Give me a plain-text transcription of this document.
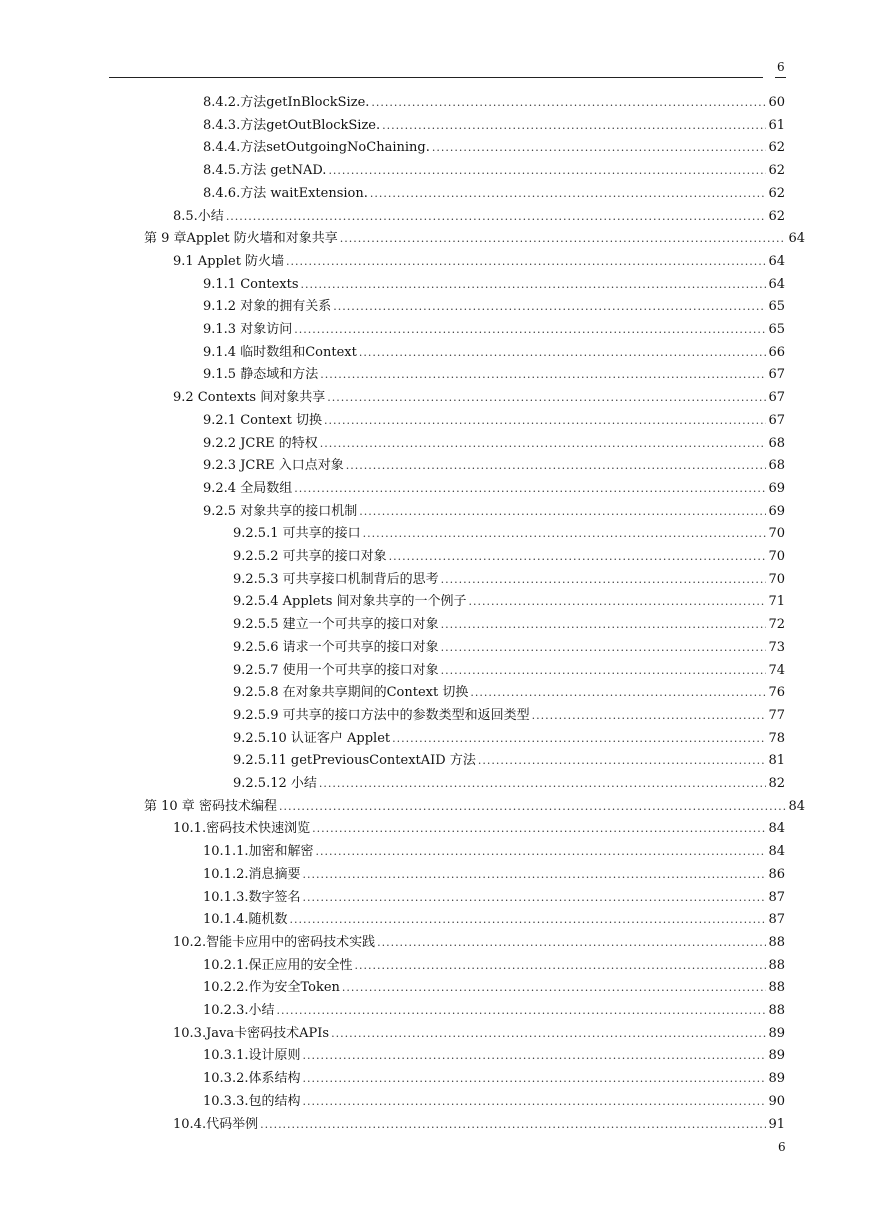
6
8.4.2.方法getInBlockSize. .....	60
8.4.3.方法getOutBlockSize. .....	61
8.4.4.方法setOutgoingNoChaining. .....	62
8.4.5.方法 getNAD. .....	62
8.4.6.方法 waitExtension. .....	62
8.5.小结 .....	62
第 9 章Applet 防火墙和对象共享 .....	64
9.1 Applet 防火墙 .....	64
9.1.1 Contexts .....	64
9.1.2 对象的拥有关系 .....	65
9.1.3 对象访问 .....	65
9.1.4 临时数组和Context .....	66
9.1.5 静态域和方法 .....	67
9.2 Contexts 间对象共享 .....	67
9.2.1 Context 切换 .....	67
9.2.2 JCRE 的特权 .....	68
9.2.3 JCRE 入口点对象 .....	68
9.2.4 全局数组 .....	69
9.2.5 对象共享的接口机制 .....	69
9.2.5.1 可共享的接口 .....	70
9.2.5.2 可共享的接口对象 .....	70
9.2.5.3 可共享接口机制背后的思考 .....	70
9.2.5.4 Applets 间对象共享的一个例子 .....	71
9.2.5.5 建立一个可共享的接口对象 .....	72
9.2.5.6 请求一个可共享的接口对象 .....	73
9.2.5.7 使用一个可共享的接口对象 .....	74
9.2.5.8 在对象共享期间的Context 切换 .....	76
9.2.5.9 可共享的接口方法中的参数类型和返回类型 .....	77
9.2.5.10 认证客户 Applet .....	78
9.2.5.11 getPreviousContextAID 方法 .....	81
9.2.5.12 小结 .....	82
第 10 章 密码技术编程 .....	84
10.1.密码技术快速浏览 .....	84
10.1.1.加密和解密 .....	84
10.1.2.消息摘要 .....	86
10.1.3.数字签名 .....	87
10.1.4.随机数 .....	87
10.2.智能卡应用中的密码技术实践 .....	88
10.2.1.保正应用的安全性 .....	88
10.2.2.作为安全Token .....	88
10.2.3.小结 .....	88
10.3.Java卡密码技术APIs .....	89
10.3.1.设计原则 .....	89
10.3.2.体系结构 .....	89
10.3.3.包的结构 .....	90
10.4.代码举例 .....	91
6
